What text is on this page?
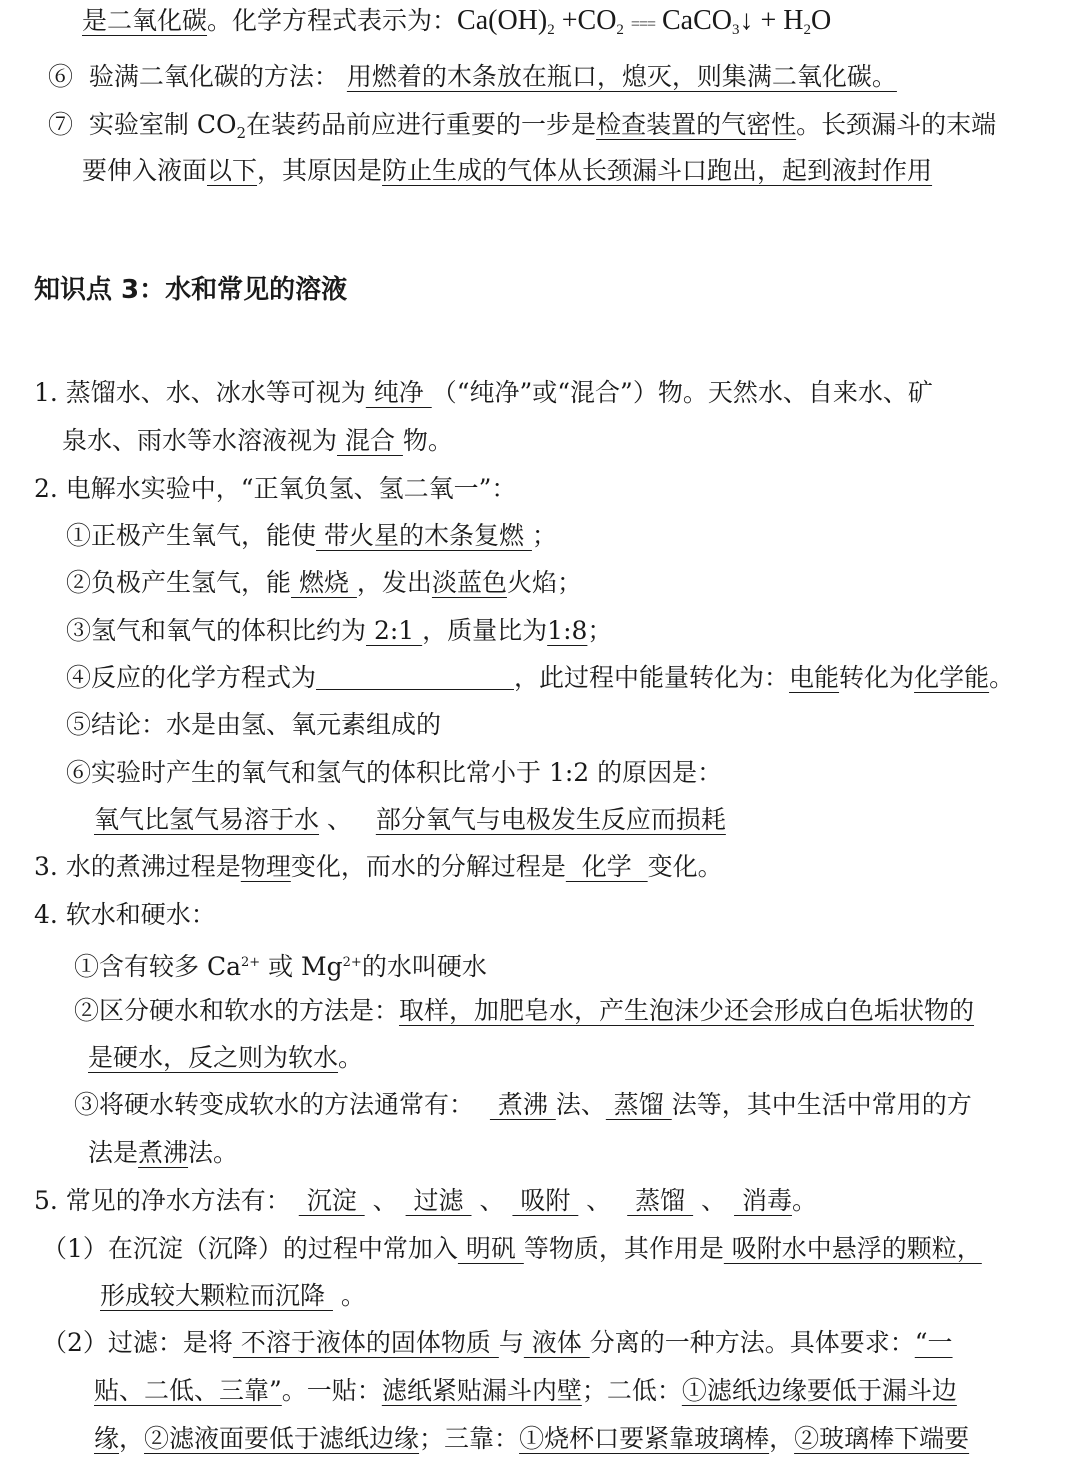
是二氧化碳。化学方程式表示为：$Ca(OH)_2 +CO_2$ === CaCO$_3$↓ + $H_2O$
⑥ 验满二氧化碳的方法： 用燃着的木条放在瓶口，熄灭，则集满二氧化碳。
⑦ 实验室制 $CO_2$在装药品前应进行重要的一步是检查装置的气密性。长颈漏斗的末端
要伸入液面以下，其原因是防止生成的气体从长颈漏斗口跑出，起到液封作用
知识点 3：水和常见的溶液
1. 蒸馏水、水、冰水等可视为 纯净 （“纯净”或“混合”）物。天然水、自来水、矿
泉水、雨水等水溶液视为 混合 物。
2. 电解水实验中，“正氧负氢、氢二氧一”：
①正极产生氧气，能使 带火星的木条复燃 ；
②负极产生氢气，能 燃烧 ，发出淡蓝色火焰；
③氢气和氧气的体积比约为 2:1 ，质量比为1:8；
④反应的化学方程式为	，此过程中能量转化为：电能转化为化学能。
⑤结论：水是由氢、氧元素组成的
⑥实验时产生的氧气和氢气的体积比常小于 1:2 的原因是：
氧气比氢气易溶于水 、   部分氧气与电极发生反应而损耗
3. 水的煮沸过程是物理变化，而水的分解过程是  化学  变化。
4. 软水和硬水：
①含有较多 $Ca^{2+}$ 或 $Mg^{2+}$的水叫硬水
②区分硬水和软水的方法是：取样，加肥皂水，产生泡沫少还会形成白色垢状物的
是硬水，反之则为软水。
③将硬水转变成软水的方法通常有：   煮沸 法、 蒸馏 法等，其中生活中常用的方
法是煮沸法。
5. 常见的净水方法有：  沉淀  、  过滤  、  吸附  、   蒸馏  、  消毒。
（1）在沉淀（沉降）的过程中常加入 明矾 等物质，其作用是 吸附水中悬浮的颗粒，
形成较大颗粒而沉降  。
（2）过滤：是将 不溶于液体的固体物质 与 液体 分离的一种方法。具体要求：“一
贴、二低、三靠”。一贴：滤纸紧贴漏斗内壁；二低：①滤纸边缘要低于漏斗边
缘，②滤液面要低于滤纸边缘；三靠：①烧杯口要紧靠玻璃棒，②玻璃棒下端要
